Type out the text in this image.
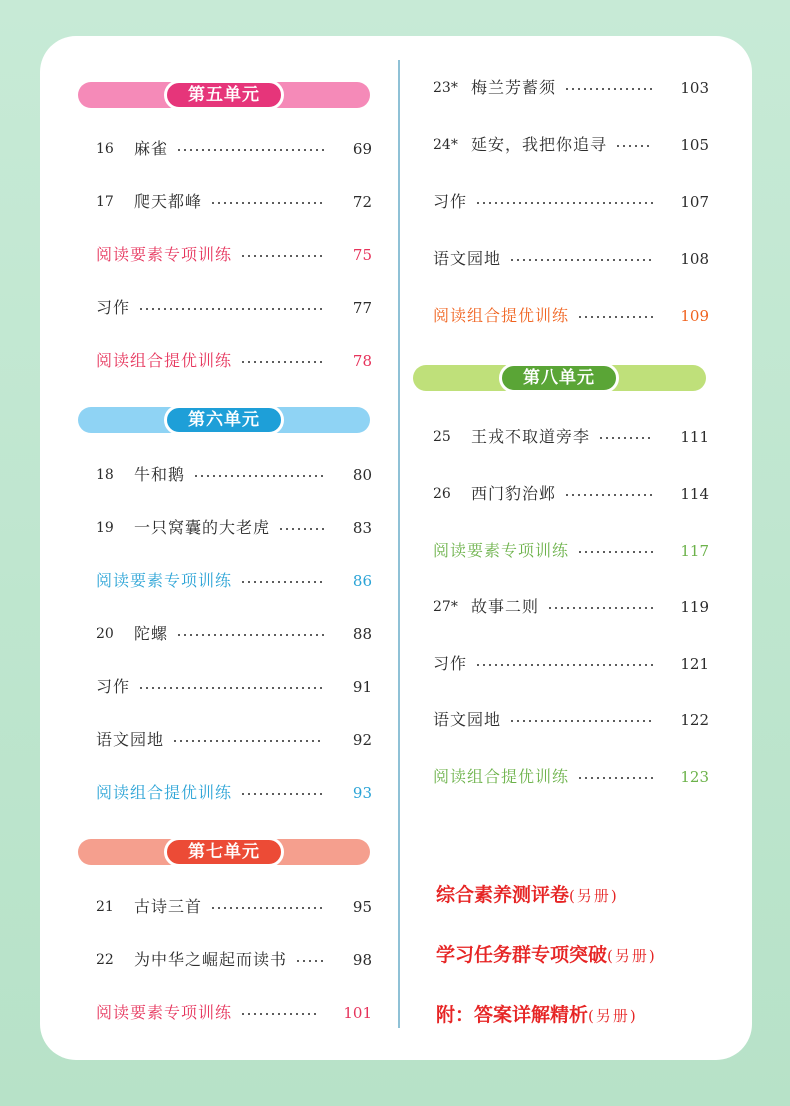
第五单元
第六单元
第七单元
第八单元
16 麻雀	69
17 爬天都峰	72
阅读要素专项训练	75
习作	77
阅读组合提优训练	78
18 牛和鹅	80
19 一只窝囊的大老虎	83
阅读要素专项训练	86
20 陀螺	88
习作	91
语文园地	92
阅读组合提优训练	93
21 古诗三首	95
22 为中华之崛起而读书	98
阅读要素专项训练	101
23* 梅兰芳蓄须	103
24* 延安，我把你追寻	105
习作	107
语文园地	108
阅读组合提优训练	109
25 王戎不取道旁李	111
26 西门豹治邺	114
阅读要素专项训练	117
27* 故事二则	119
习作	121
语文园地	122
阅读组合提优训练	123
综合素养测评卷(另册)
学习任务群专项突破(另册)
附：答案详解精析(另册)
